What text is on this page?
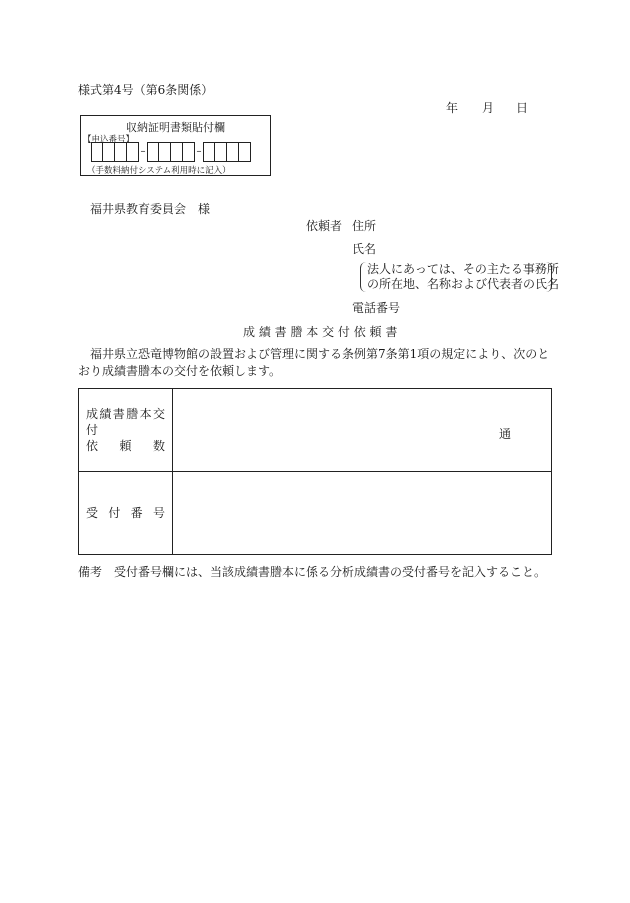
様式第4号（第6条関係）
年 月 日
収納証明書類貼付欄
【申込番号】
–	–
（手数料納付システム利用時に記入）
福井県教育委員会　様
依頼者 住所
氏名
法人にあっては、その主たる事務所
の所在地、名称および代表者の氏名
電話番号
成 績 書 謄 本 交 付 依 頼 書
福井県立恐竜博物館の設置および管理に関する条例第7条第1項の規定により、次のとおり成績書謄本の交付を依頼します。
成績書謄本交付
依頼数	通

受付番号	

備考　受付番号欄には、当該成績書謄本に係る分析成績書の受付番号を記入すること。
